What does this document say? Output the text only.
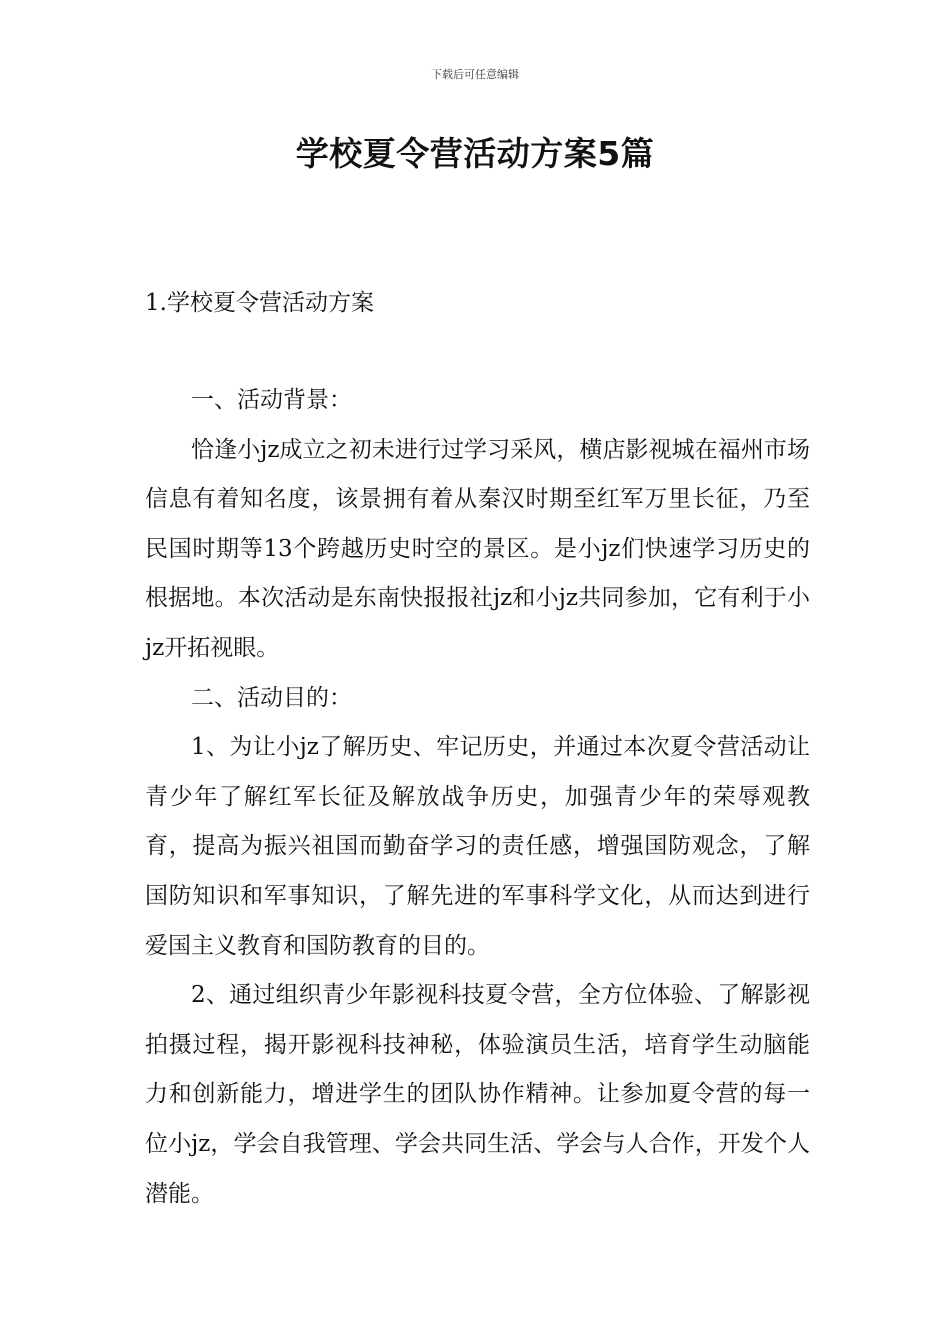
下载后可任意编辑
学校夏令营活动方案5篇
1.学校夏令营活动方案

一、活动背景：

恰逢小jz成立之初未进行过学习采风，横店影视城在福州市场信息有着知名度，该景拥有着从秦汉时期至红军万里长征，乃至民国时期等13个跨越历史时空的景区。是小jz们快速学习历史的根据地。本次活动是东南快报报社jz和小jz共同参加，它有利于小jz开拓视眼。

二、活动目的：

1、为让小jz了解历史、牢记历史，并通过本次夏令营活动让青少年了解红军长征及解放战争历史，加强青少年的荣辱观教育，提高为振兴祖国而勤奋学习的责任感，增强国防观念，了解国防知识和军事知识，了解先进的军事科学文化，从而达到进行爱国主义教育和国防教育的目的。

2、通过组织青少年影视科技夏令营，全方位体验、了解影视拍摄过程，揭开影视科技神秘，体验演员生活，培育学生动脑能力和创新能力，增进学生的团队协作精神。让参加夏令营的每一位小jz，学会自我管理、学会共同生活、学会与人合作，开发个人潜能。
